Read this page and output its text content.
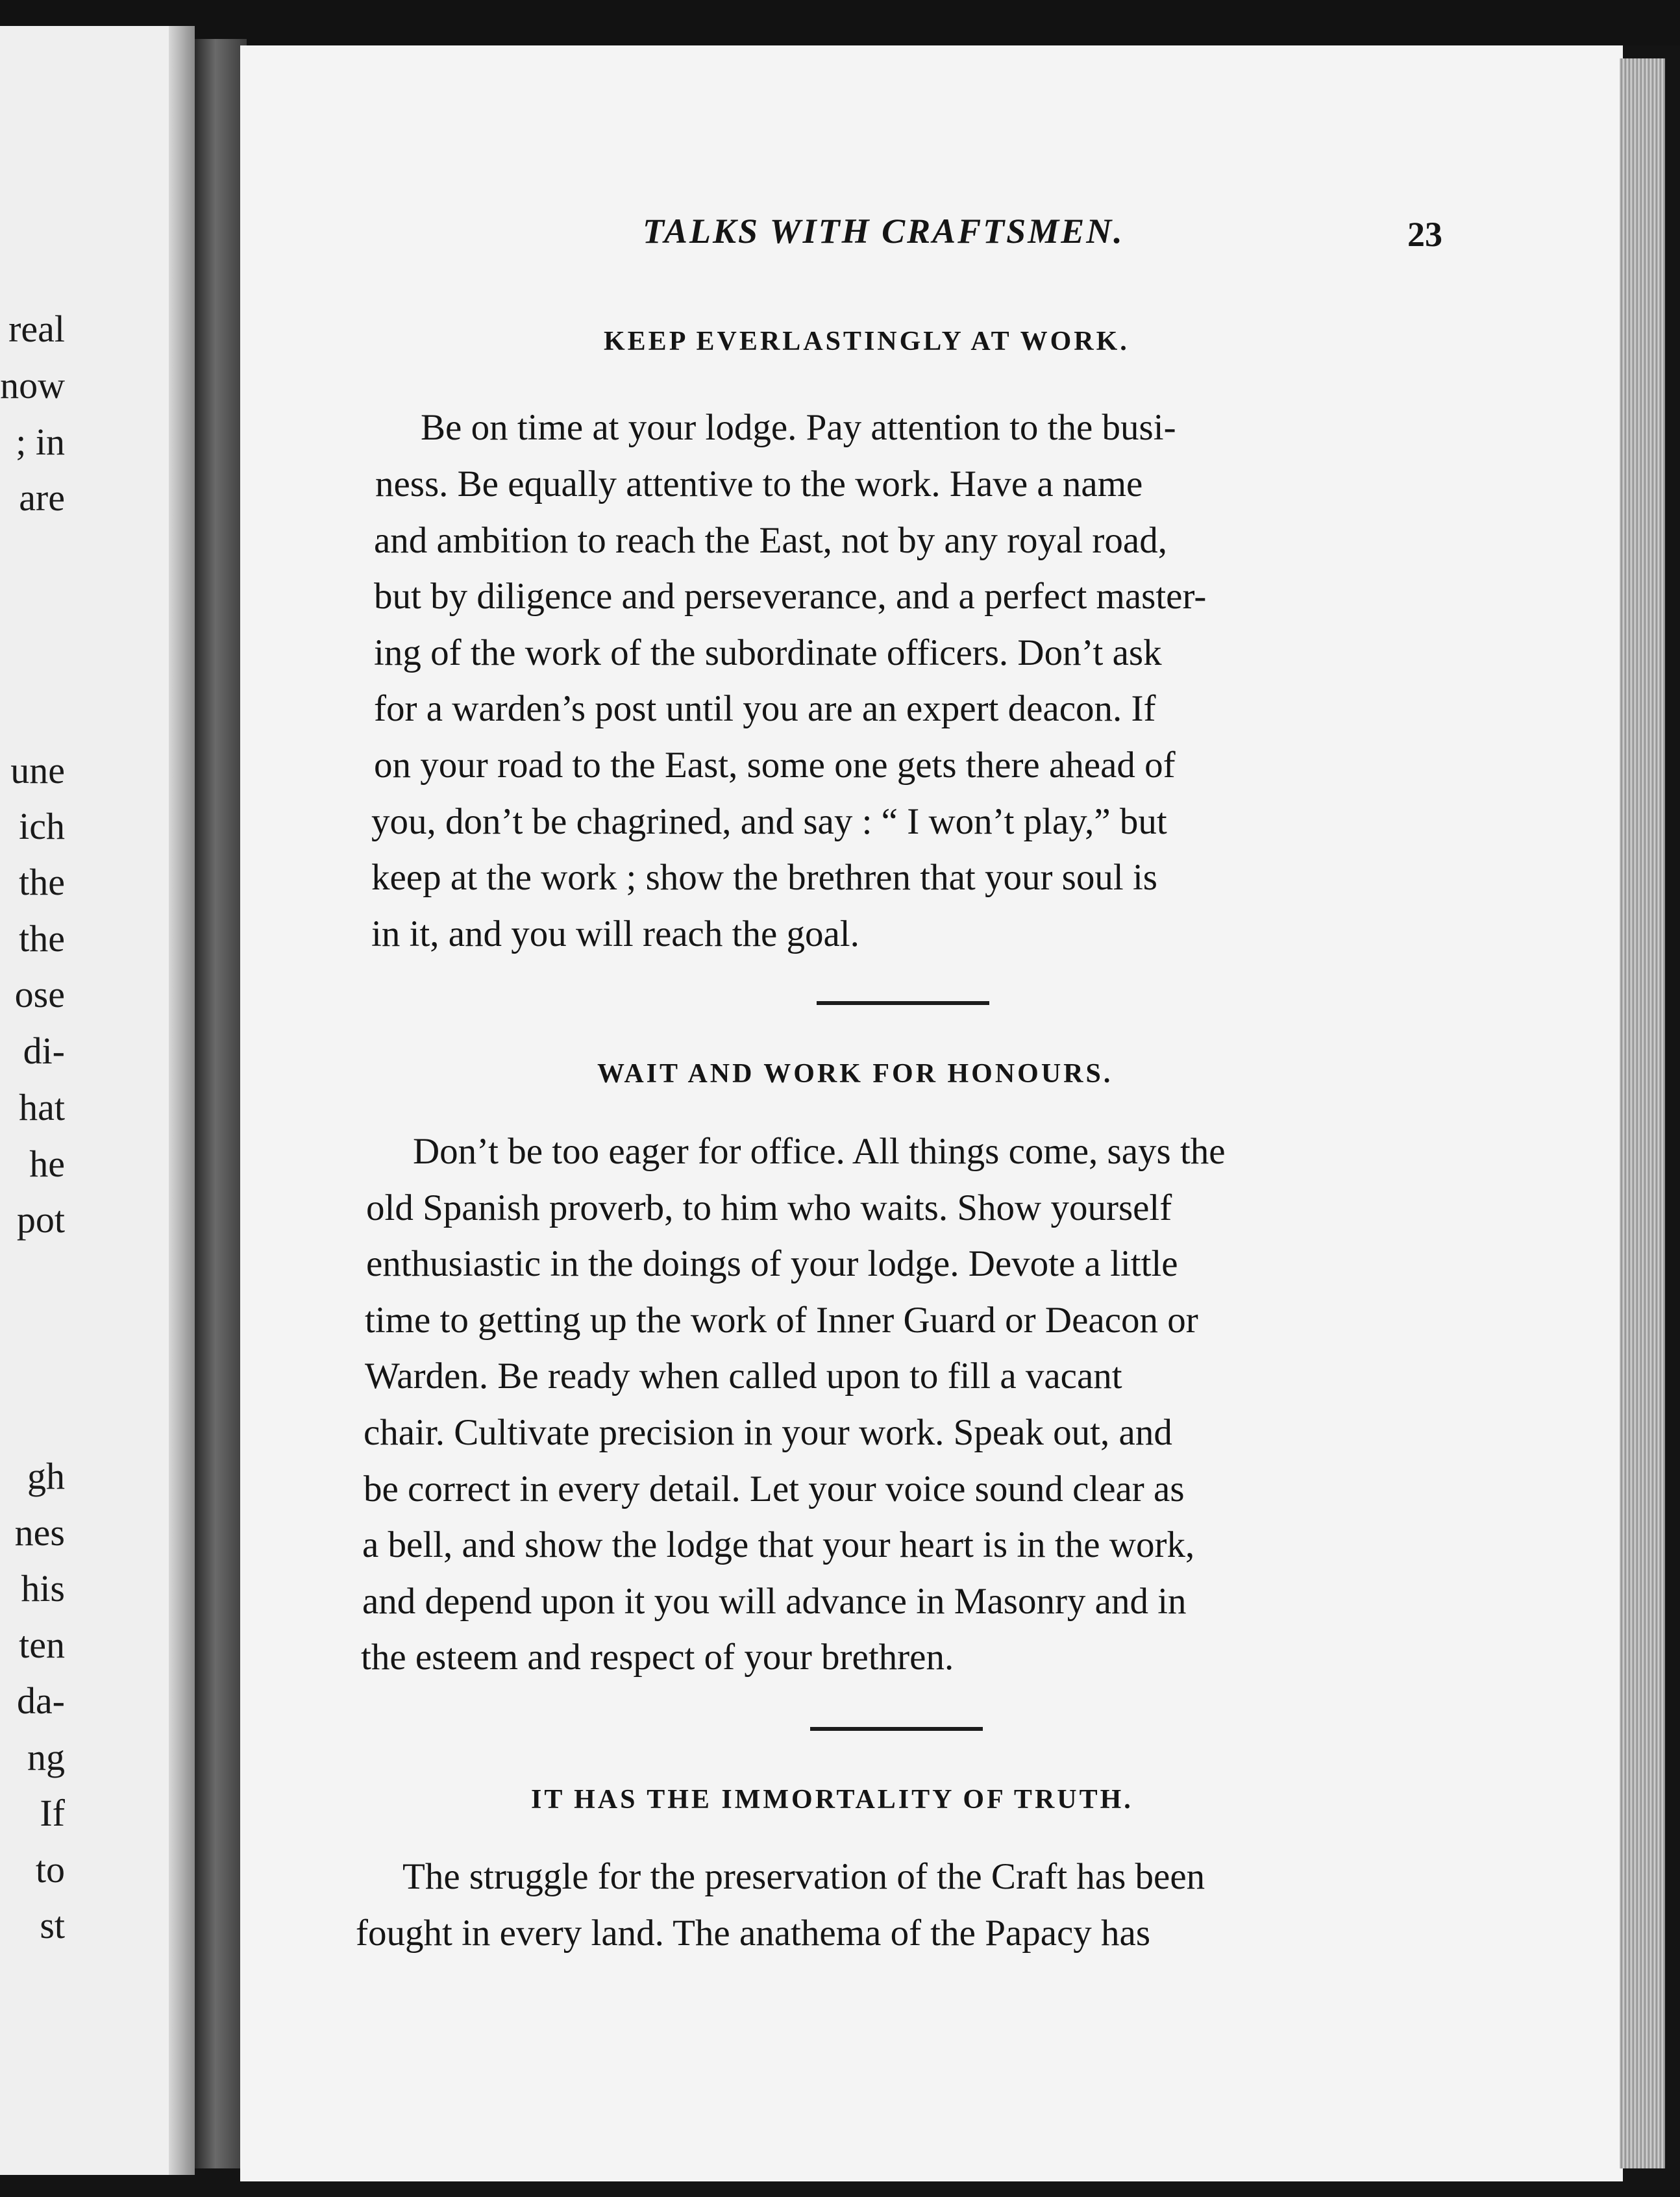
real
now
; in
are
une
ich
the
the
ose
di-
hat
he
pot
gh
nes
his
ten
da-
ng
If
to
st
TALKS WITH CRAFTSMEN.	23
KEEP EVERLASTINGLY AT WORK.
Be on time at your lodge. Pay attention to the busi-
ness. Be equally attentive to the work. Have a name
and ambition to reach the East, not by any royal road,
but by diligence and perseverance, and a perfect master-
ing of the work of the subordinate officers. Don’t ask
for a warden’s post until you are an expert deacon. If
on your road to the East, some one gets there ahead of
you, don’t be chagrined, and say : “ I won’t play,” but
keep at the work ; show the brethren that your soul is
in it, and you will reach the goal.
WAIT AND WORK FOR HONOURS.
Don’t be too eager for office. All things come, says the
old Spanish proverb, to him who waits. Show yourself
enthusiastic in the doings of your lodge. Devote a little
time to getting up the work of Inner Guard or Deacon or
Warden. Be ready when called upon to fill a vacant
chair. Cultivate precision in your work. Speak out, and
be correct in every detail. Let your voice sound clear as
a bell, and show the lodge that your heart is in the work,
and depend upon it you will advance in Masonry and in
the esteem and respect of your brethren.
IT HAS THE IMMORTALITY OF TRUTH.
The struggle for the preservation of the Craft has been
fought in every land. The anathema of the Papacy has
